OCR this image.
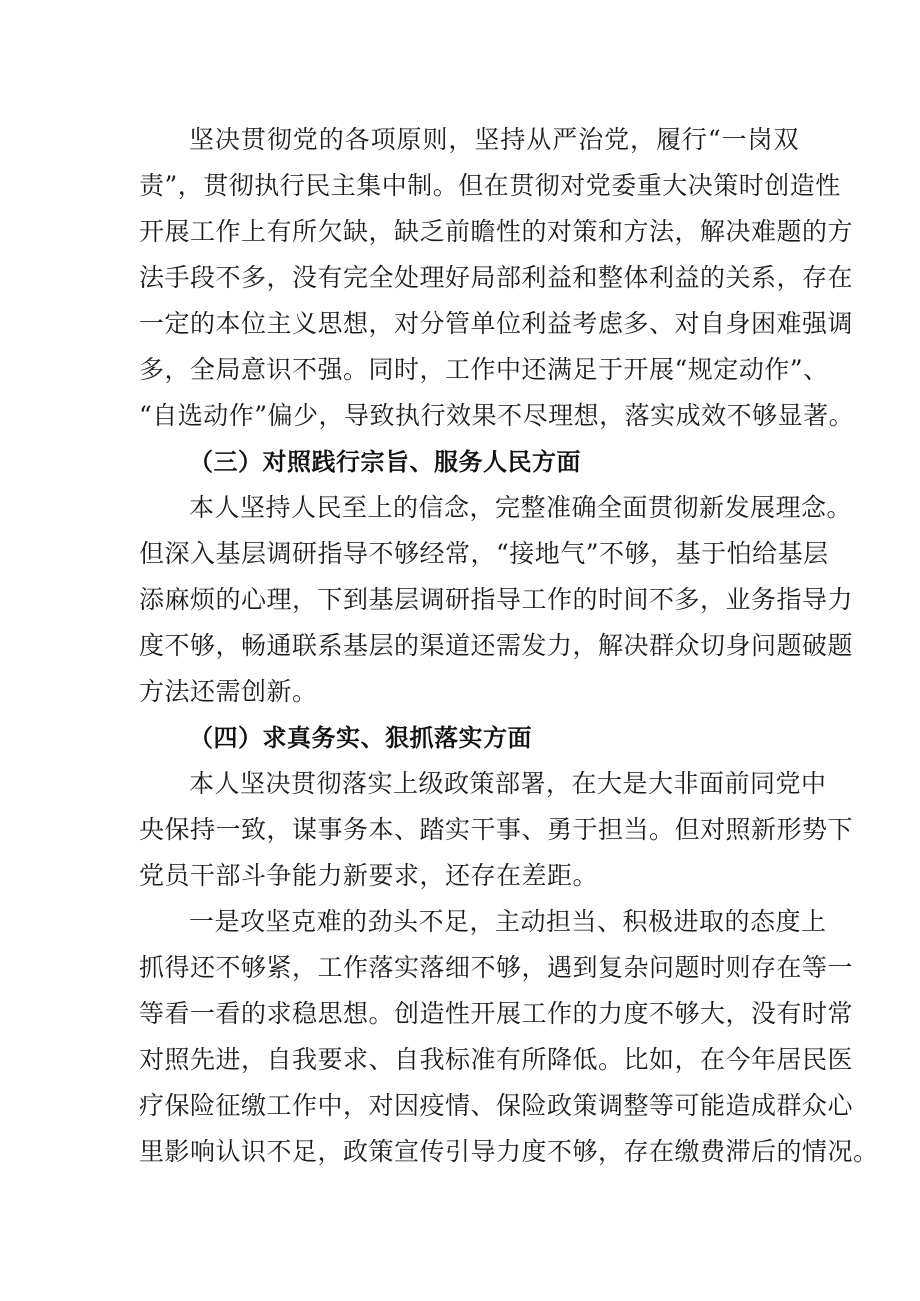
坚决贯彻党的各项原则，坚持从严治党，履行“一岗双
责”，贯彻执行民主集中制。但在贯彻对党委重大决策时创造性
开展工作上有所欠缺，缺乏前瞻性的对策和方法，解决难题的方
法手段不多，没有完全处理好局部利益和整体利益的关系，存在
一定的本位主义思想，对分管单位利益考虑多、对自身困难强调
多，全局意识不强。同时，工作中还满足于开展“规定动作”、
“自选动作”偏少，导致执行效果不尽理想，落实成效不够显著。
（三）对照践行宗旨、服务人民方面
本人坚持人民至上的信念，完整准确全面贯彻新发展理念。
但深入基层调研指导不够经常，“接地气”不够，基于怕给基层
添麻烦的心理，下到基层调研指导工作的时间不多，业务指导力
度不够，畅通联系基层的渠道还需发力，解决群众切身问题破题
方法还需创新。
（四）求真务实、狠抓落实方面
本人坚决贯彻落实上级政策部署，在大是大非面前同党中
央保持一致，谋事务本、踏实干事、勇于担当。但对照新形势下
党员干部斗争能力新要求，还存在差距。
一是攻坚克难的劲头不足，主动担当、积极进取的态度上
抓得还不够紧，工作落实落细不够，遇到复杂问题时则存在等一
等看一看的求稳思想。创造性开展工作的力度不够大，没有时常
对照先进，自我要求、自我标准有所降低。比如，在今年居民医
疗保险征缴工作中，对因疫情、保险政策调整等可能造成群众心
里影响认识不足，政策宣传引导力度不够，存在缴费滞后的情况。
